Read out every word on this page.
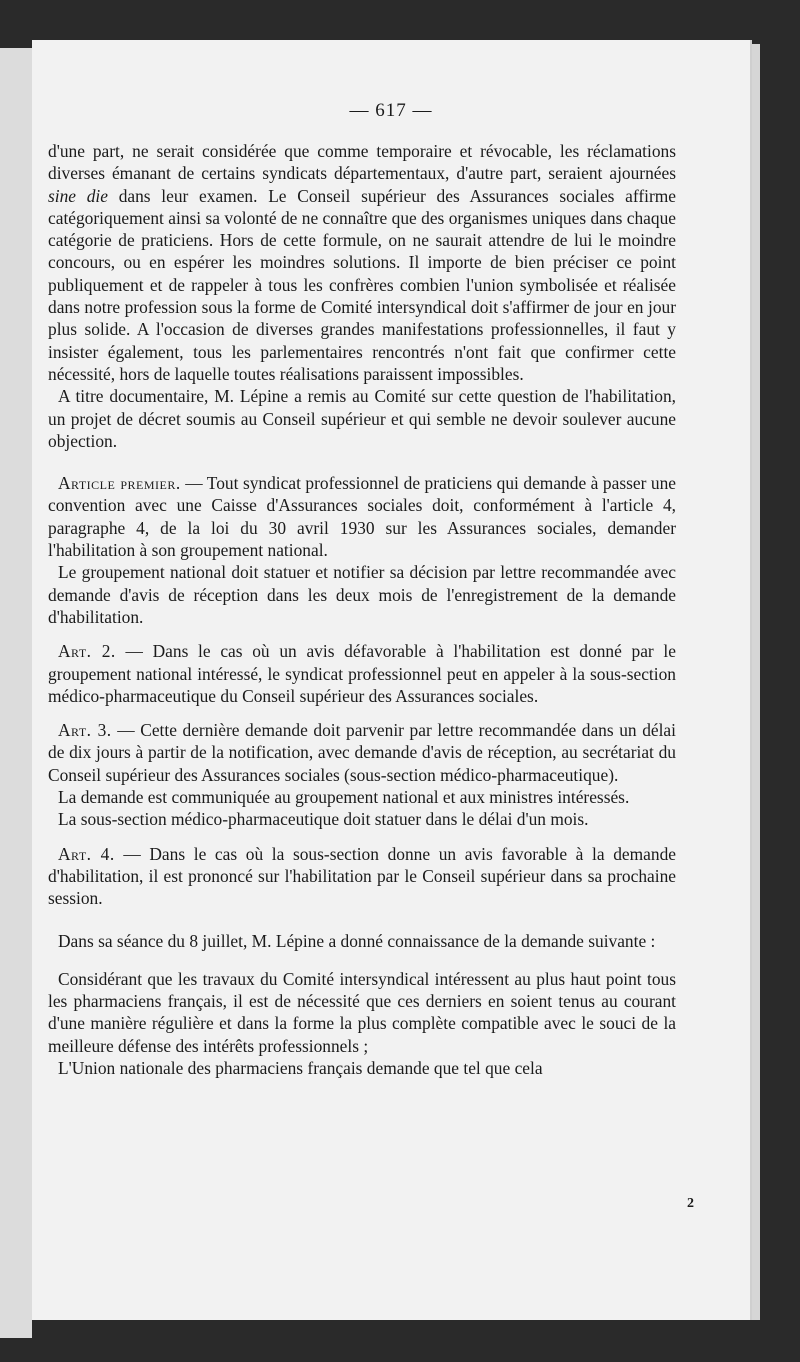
— 617 —

d'une part, ne serait considérée que comme temporaire et révocable, les réclamations diverses émanant de certains syndicats départementaux, d'autre part, seraient ajournées sine die dans leur examen. Le Conseil supérieur des Assurances sociales affirme catégoriquement ainsi sa volonté de ne connaître que des organismes uniques dans chaque catégorie de praticiens. Hors de cette formule, on ne saurait attendre de lui le moindre concours, ou en espérer les moindres solutions. Il importe de bien préciser ce point publiquement et de rappeler à tous les confrères combien l'union symbolisée et réalisée dans notre profession sous la forme de Comité intersyndical doit s'affirmer de jour en jour plus solide. A l'occasion de diverses grandes manifestations professionnelles, il faut y insister également, tous les parlementaires rencontrés n'ont fait que confirmer cette nécessité, hors de laquelle toutes réalisations paraissent impossibles.

A titre documentaire, M. Lépine a remis au Comité sur cette question de l'habilitation, un projet de décret soumis au Conseil supérieur et qui semble ne devoir soulever aucune objection.

Article premier. — Tout syndicat professionnel de praticiens qui demande à passer une convention avec une Caisse d'Assurances sociales doit, conformément à l'article 4, paragraphe 4, de la loi du 30 avril 1930 sur les Assurances sociales, demander l'habilitation à son groupement national.

Le groupement national doit statuer et notifier sa décision par lettre recommandée avec demande d'avis de réception dans les deux mois de l'enregistrement de la demande d'habilitation.

Art. 2. — Dans le cas où un avis défavorable à l'habilitation est donné par le groupement national intéressé, le syndicat professionnel peut en appeler à la sous-section médico-pharmaceutique du Conseil supérieur des Assurances sociales.

Art. 3. — Cette dernière demande doit parvenir par lettre recommandée dans un délai de dix jours à partir de la notification, avec demande d'avis de réception, au secrétariat du Conseil supérieur des Assurances sociales (sous-section médico-pharmaceutique).

La demande est communiquée au groupement national et aux ministres intéressés.

La sous-section médico-pharmaceutique doit statuer dans le délai d'un mois.

Art. 4. — Dans le cas où la sous-section donne un avis favorable à la demande d'habilitation, il est prononcé sur l'habilitation par le Conseil supérieur dans sa prochaine session.

Dans sa séance du 8 juillet, M. Lépine a donné connaissance de la demande suivante :

Considérant que les travaux du Comité intersyndical intéressent au plus haut point tous les pharmaciens français, il est de nécessité que ces derniers en soient tenus au courant d'une manière régulière et dans la forme la plus complète compatible avec le souci de la meilleure défense des intérêts professionnels ;

L'Union nationale des pharmaciens français demande que tel que cela

2
